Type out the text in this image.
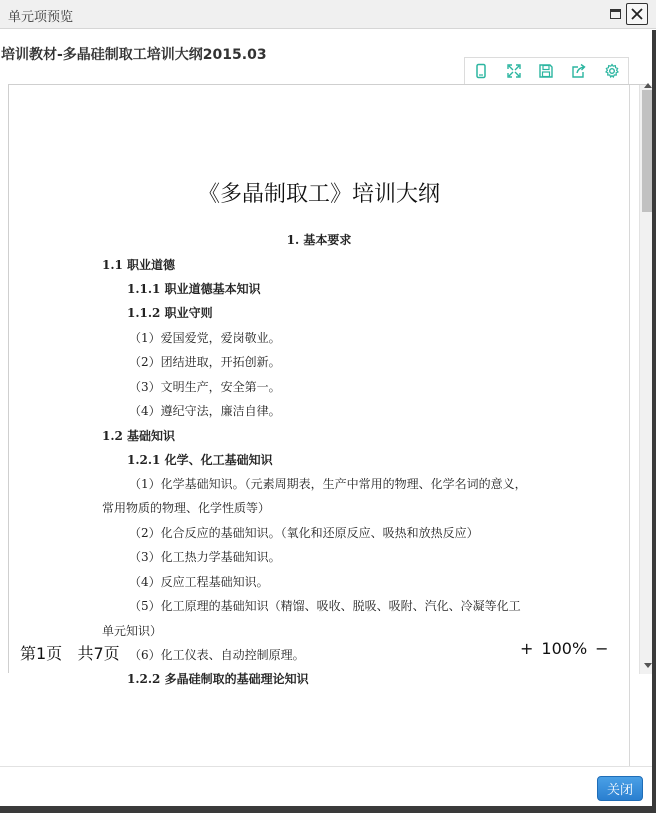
单元项预览
培训教材-多晶硅制取工培训大纲2015.03
《多晶制取工》培训大纲
1. 基本要求
1.1 职业道德
1.1.1 职业道德基本知识
1.1.2 职业守则
（1）爱国爱党，爱岗敬业。
（2）团结进取，开拓创新。
（3）文明生产，安全第一。
（4）遵纪守法，廉洁自律。
1.2 基础知识
1.2.1 化学、化工基础知识
（1）化学基础知识。（元素周期表，生产中常用的物理、化学名词的意义，
常用物质的物理、化学性质等）
（2）化合反应的基础知识。（氧化和还原反应、吸热和放热反应）
（3）化工热力学基础知识。
（4）反应工程基础知识。
（5）化工原理的基础知识（精馏、吸收、脱吸、吸附、汽化、冷凝等化工
单元知识）
（6）化工仪表、自动控制原理。
1.2.2 多晶硅制取的基础理论知识
第1页 共7页	+ 100% −
关闭
